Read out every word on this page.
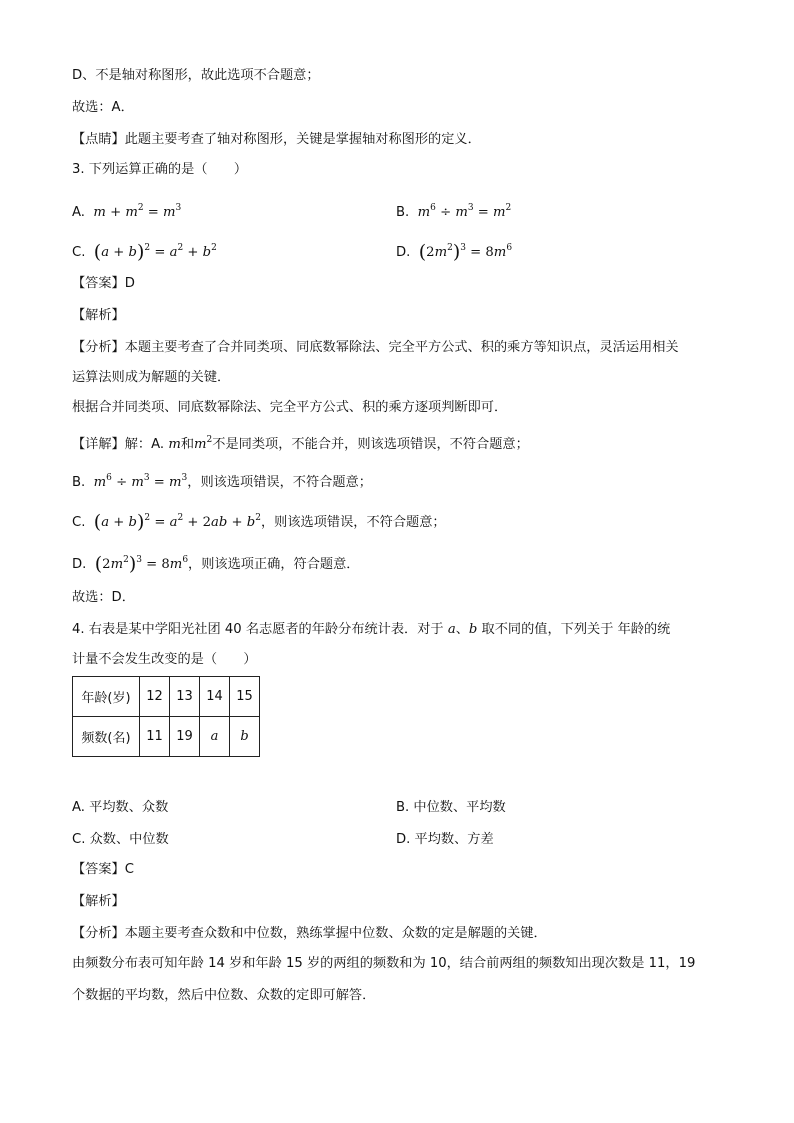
D、不是轴对称图形，故此选项不合题意；
故选：A．
【点睛】此题主要考查了轴对称图形，关键是掌握轴对称图形的定义．
3. 下列运算正确的是（　　）
A. $m + m^2 = m^3$	B. $m^6 \div m^3 = m^2$
C. $(a + b)^2 = a^2 + b^2$	D. $(2m^2)^3 = 8m^6$
【答案】D
【解析】
【分析】本题主要考查了合并同类项、同底数幂除法、完全平方公式、积的乘方等知识点，灵活运用相关
运算法则成为解题的关键．
根据合并同类项、同底数幂除法、完全平方公式、积的乘方逐项判断即可．
【详解】解：A. m和$m^2$不是同类项，不能合并，则该选项错误，不符合题意；
B. $m^6 \div m^3 = m^3$，则该选项错误，不符合题意；
C. $(a + b)^2 = a^2 + 2ab + b^2$，则该选项错误，不符合题意；
D. $(2m^2)^3 = 8m^6$，则该选项正确，符合题意．
故选：D．
4. 右表是某中学阳光社团 40 名志愿者的年龄分布统计表．对于 a、b 取不同的值，下列关于 年龄的统
计量不会发生改变的是（　　）
年龄(岁)	12	13	14	15
频数(名)	11	19	a	b
A. 平均数、众数	B. 中位数、平均数
C. 众数、中位数	D. 平均数、方差
【答案】C
【解析】
【分析】本题主要考查众数和中位数，熟练掌握中位数、众数的定是解题的关键．
由频数分布表可知年龄 14 岁和年龄 15 岁的两组的频数和为 10，结合前两组的频数知出现次数是 11，19
个数据的平均数，然后中位数、众数的定即可解答．
